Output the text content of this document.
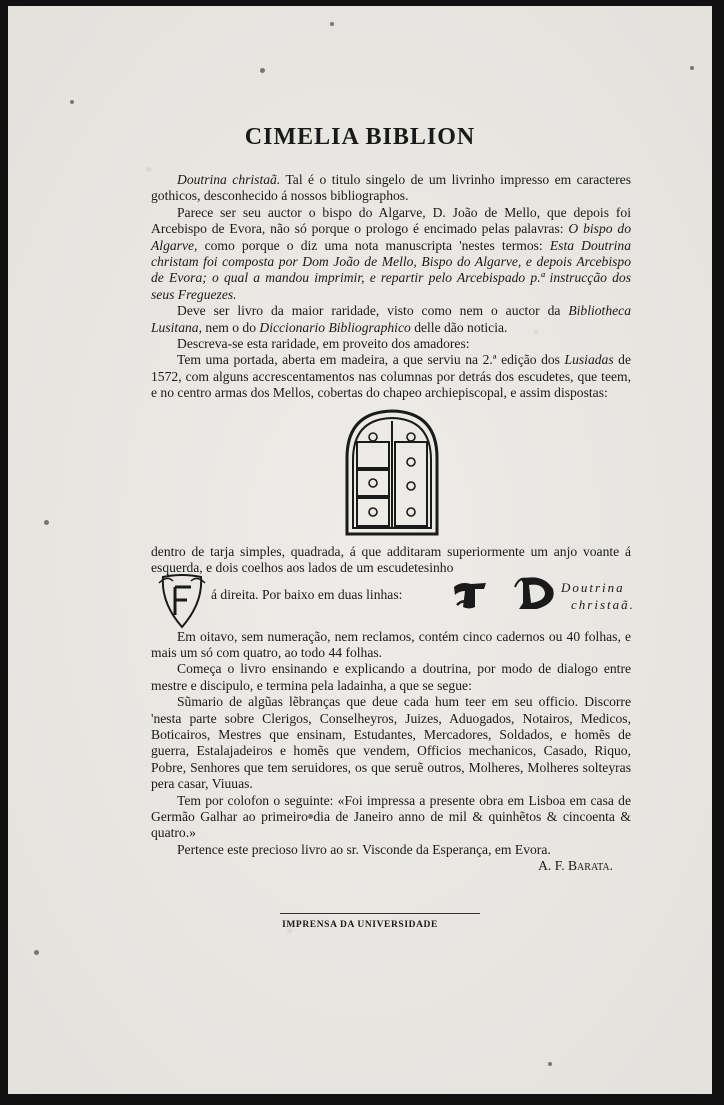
CIMELIA BIBLION

Doutrina christaã. Tal é o titulo singelo de um livrinho impresso em caracteres gothicos, desconhecido á nossos bibliographos.

Parece ser seu auctor o bispo do Algarve, D. João de Mello, que depois foi Arcebispo de Evora, não só porque o prologo é encimado pelas palavras: O bispo do Algarve, como porque o diz uma nota manuscripta 'nestes termos: Esta Doutrina christam foi composta por Dom João de Mello, Bispo do Algarve, e depois Arcebispo de Evora; o qual a mandou imprimir, e repartir pelo Arcebispado p.ª instrucção dos seus Freguezes.

Deve ser livro da maior raridade, visto como nem o auctor da Bibliotheca Lusitana, nem o do Diccionario Bibliographico delle dão noticia.

Descreva-se esta raridade, em proveito dos amadores:

Tem uma portada, aberta em madeira, a que serviu na 2.ª edição dos Lusiadas de 1572, com alguns accrescentamentos nas columnas por detrás dos escudetes, que teem, e no centro armas dos Mellos, cobertas do chapeo archiepiscopal, e assim dispostas:

dentro de tarja simples, quadrada, á que additaram superiormente um anjo voante á esquerda, e dois coelhos aos lados de um escudetesinho

á direita. Por baixo em duas linhas:	Doutrina
christaã.

Em oitavo, sem numeração, nem reclamos, contém cinco cadernos ou 40 folhas, e mais um só com quatro, ao todo 44 folhas.

Começa o livro ensinando e explicando a doutrina, por modo de dialogo entre mestre e discipulo, e termina pela ladainha, a que se segue:

Sũmario de algũas lẽbranças que deue cada hum teer em seu officio. Discorre 'nesta parte sobre Clerigos, Conselheyros, Juizes, Aduogados, Notairos, Medicos, Boticairos, Mestres que ensinam, Estudantes, Mercadores, Soldados, e homẽs de guerra, Estalajadeiros e homẽs que vendem, Officios mechanicos, Casado, Riquo, Pobre, Senhores que tem seruidores, os que seruẽ outros, Molheres, Molheres solteyras pera casar, Viuuas.

Tem por colofon o seguinte: «Foi impressa a presente obra em Lisboa em casa de Germão Galhar ao primeiro dia de Janeiro anno de mil & quinhẽtos & cincoenta & quatro.»

Pertence este precioso livro ao sr. Visconde da Esperança, em Evora.

A. F. Barata.

IMPRENSA DA UNIVERSIDADE
